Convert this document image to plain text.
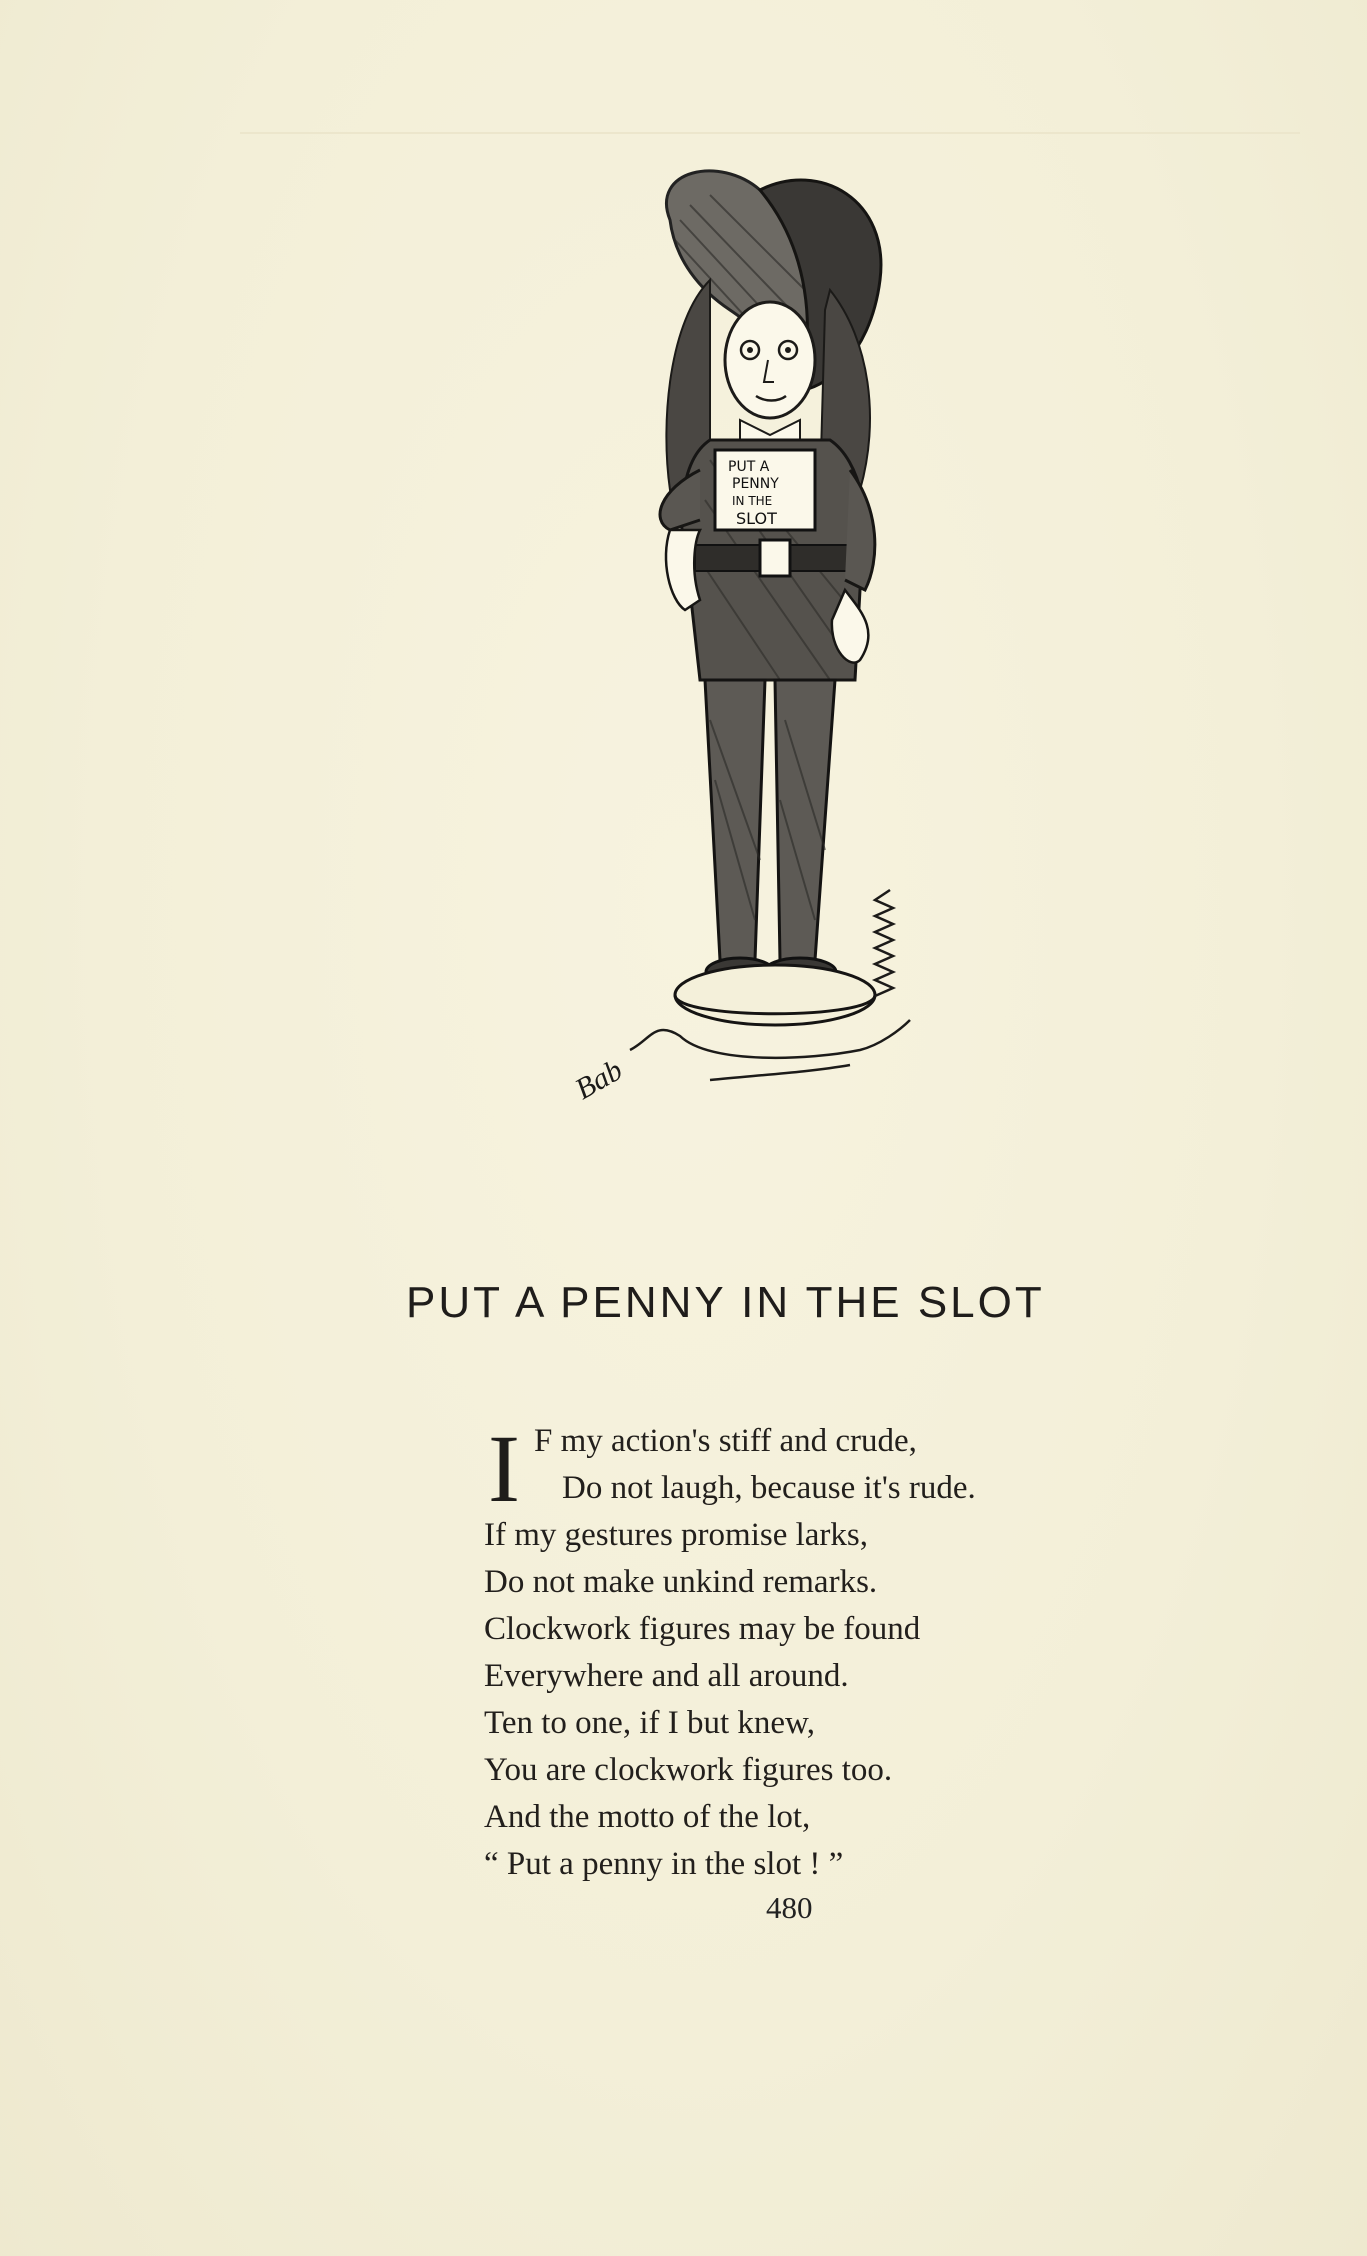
PUT A
PENNY
IN THE
SLOT
Bab
PUT A PENNY IN THE SLOT
I F my action's stiff and crude,
Do not laugh, because it's rude.
If my gestures promise larks,
Do not make unkind remarks.
Clockwork figures may be found
Everywhere and all around.
Ten to one, if I but knew,
You are clockwork figures too.
And the motto of the lot,
“ Put a penny in the slot ! ”
480
